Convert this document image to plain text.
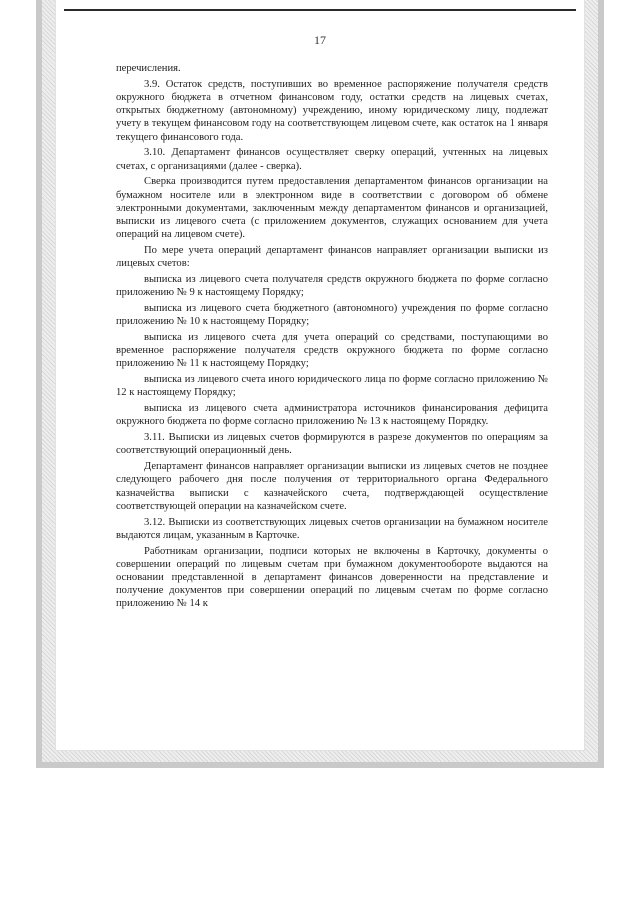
17

перечисления.

3.9. Остаток средств, поступивших во временное распоряжение получателя средств окружного бюджета в отчетном финансовом году, остатки средств на лицевых счетах, открытых бюджетному (автономному) учреждению, иному юридическому лицу, подлежат учету в текущем финансовом году на соответствующем лицевом счете, как остаток на 1 января текущего финансового года.

3.10. Департамент финансов осуществляет сверку операций, учтенных на лицевых счетах, с организациями (далее - сверка).

Сверка производится путем предоставления департаментом финансов организации на бумажном носителе или в электронном виде в соответствии с договором об обмене электронными документами, заключенным между департаментом финансов и организацией, выписки из лицевого счета (с приложением документов, служащих основанием для учета операций на лицевом счете).

По мере учета операций департамент финансов направляет организации выписки из лицевых счетов:

выписка из лицевого счета получателя средств окружного бюджета по форме согласно приложению № 9 к настоящему Порядку;

выписка из лицевого счета бюджетного (автономного) учреждения по форме согласно приложению № 10 к настоящему Порядку;

выписка из лицевого счета для учета операций со средствами, поступающими во временное распоряжение получателя средств окружного бюджета по форме согласно приложению № 11 к настоящему Порядку;

выписка из лицевого счета иного юридического лица по форме согласно приложению № 12 к настоящему Порядку;

выписка из лицевого счета администратора источников финансирования дефицита окружного бюджета по форме согласно приложению № 13 к настоящему Порядку.

3.11. Выписки из лицевых счетов формируются в разрезе документов по операциям за соответствующий операционный день.

Департамент финансов направляет организации выписки из лицевых счетов не позднее следующего рабочего дня после получения от территориального органа Федерального казначейства выписки с казначейского счета, подтверждающей осуществление соответствующей операции на казначейском счете.

3.12. Выписки из соответствующих лицевых счетов организации на бумажном носителе выдаются лицам, указанным в Карточке.

Работникам организации, подписи которых не включены в Карточку, документы о совершении операций по лицевым счетам при бумажном документообороте выдаются на основании представленной в департамент финансов доверенности на представление и получение документов при совершении операций по лицевым счетам по форме согласно приложению № 14 к
